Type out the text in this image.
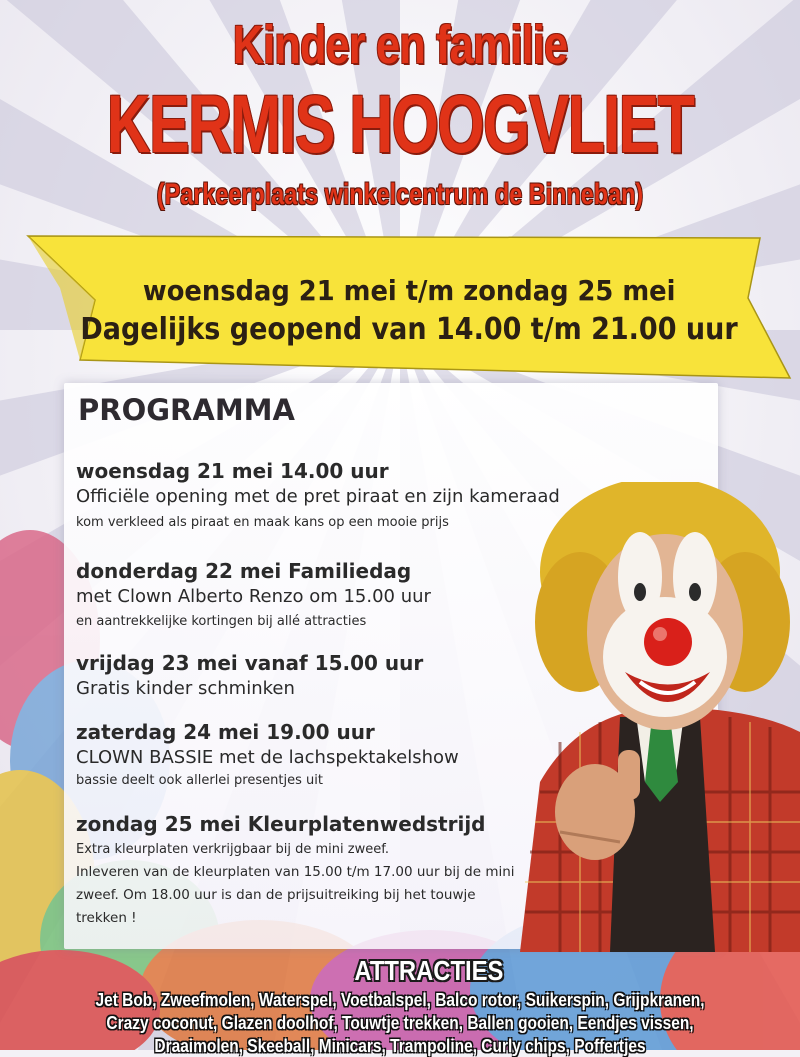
Kinder en familie
KERMIS HOOGVLIET
(Parkeerplaats winkelcentrum de Binneban)
woensdag 21 mei t/m zondag 25 mei
Dagelijks geopend van 14.00 t/m 21.00 uur
PROGRAMMA
woensdag 21 mei 14.00 uur
Officiële opening met de pret piraat en zijn kameraad
kom verkleed als piraat en maak kans op een mooie prijs
donderdag 22 mei Familiedag
met Clown Alberto Renzo om 15.00 uur
en aantrekkelijke kortingen bij allé attracties
vrijdag 23 mei vanaf 15.00 uur
Gratis kinder schminken
zaterdag 24 mei 19.00 uur
CLOWN BASSIE met de lachspektakelshow
bassie deelt ook allerlei presentjes uit
zondag 25 mei Kleurplatenwedstrijd
Extra kleurplaten verkrijgbaar bij de mini zweef.
Inleveren van de kleurplaten van 15.00 t/m 17.00 uur bij de mini zweef. Om 18.00 uur is dan de prijsuitreiking bij het touwje trekken !
ATTRACTIES
Jet Bob, Zweefmolen, Waterspel, Voetbalspel, Balco rotor, Suikerspin, Grijpkranen,
Crazy coconut, Glazen doolhof, Touwtje trekken, Ballen gooien, Eendjes vissen,
Draaimolen, Skeeball, Minicars, Trampoline, Curly chips, Poffertjes
